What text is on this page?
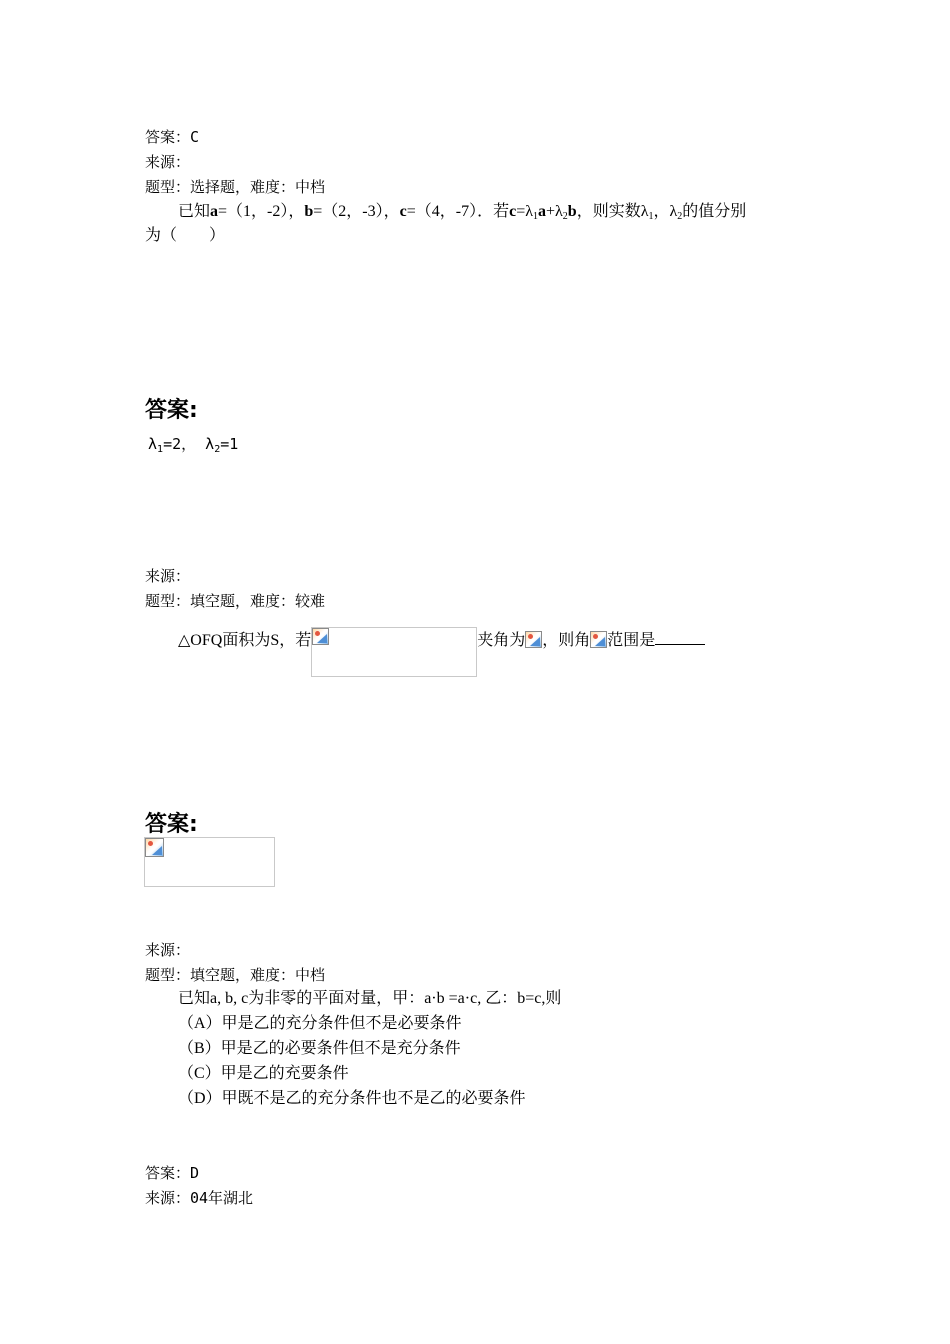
答案：C
来源：
题型：选择题，难度：中档
已知a=（1，-2），b=（2，-3），c=（4，-7）．若$c=\lambda_1a+\lambda_2b$，则实数$\lambda_1$，$\lambda_2$的值分别
为（　　）
答案:
$\lambda_1=2$， $\lambda_2=1$
来源：
题型：填空题，难度：较难
△OFQ面积为S，若	夹角为 ，则角 范围是
答案:
来源：
题型：填空题，难度：中档
已知a, b, c为非零的平面对量，甲：a·b =a·c, 乙：b=c,则
（A）甲是乙的充分条件但不是必要条件
（B）甲是乙的必要条件但不是充分条件
（C）甲是乙的充要条件
（D）甲既不是乙的充分条件也不是乙的必要条件
答案：D
来源：04年湖北
